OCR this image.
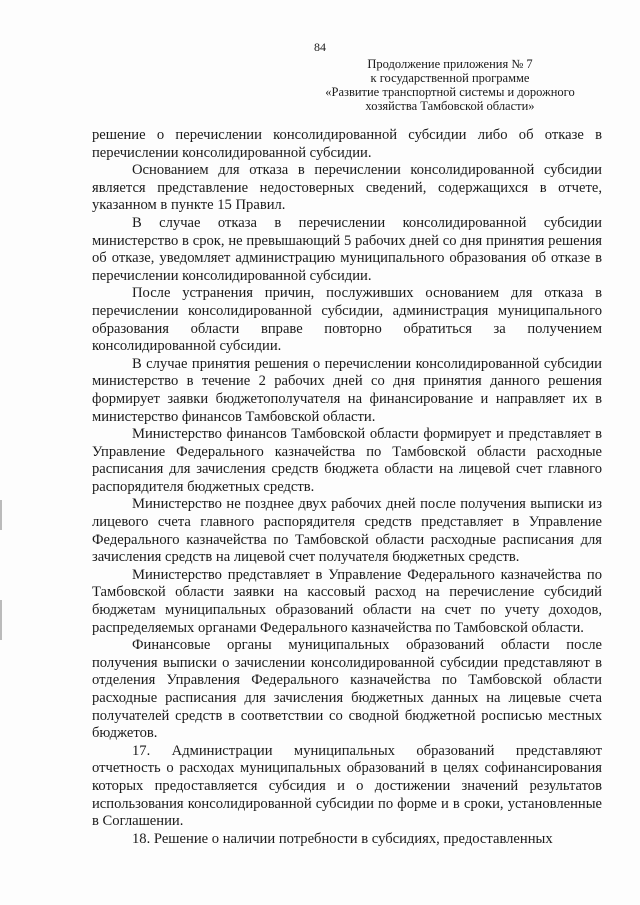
84
Продолжение приложения № 7
к государственной программе
«Развитие транспортной системы и дорожного
хозяйства Тамбовской области»

решение о перечислении консолидированной субсидии либо об отказе в перечислении консолидированной субсидии.

Основанием для отказа в перечислении консолидированной субсидии является представление недостоверных сведений, содержащихся в отчете, указанном в пункте 15 Правил.

В случае отказа в перечислении консолидированной субсидии министерство в срок, не превышающий 5 рабочих дней со дня принятия решения об отказе, уведомляет администрацию муниципального образования об отказе в перечислении консолидированной субсидии.

После устранения причин, послуживших основанием для отказа в перечислении консолидированной субсидии, администрация муниципального образования области вправе повторно обратиться за получением консолидированной субсидии.

В случае принятия решения о перечислении консолидированной субсидии министерство в течение 2 рабочих дней со дня принятия данного решения формирует заявки бюджетополучателя на финансирование и направляет их в министерство финансов Тамбовской области.

Министерство финансов Тамбовской области формирует и представляет в Управление Федерального казначейства по Тамбовской области расходные расписания для зачисления средств бюджета области на лицевой счет главного распорядителя бюджетных средств.

Министерство не позднее двух рабочих дней после получения выписки из лицевого счета главного распорядителя средств представляет в Управление Федерального казначейства по Тамбовской области расходные расписания для зачисления средств на лицевой счет получателя бюджетных средств.

Министерство представляет в Управление Федерального казначейства по Тамбовской области заявки на кассовый расход на перечисление субсидий бюджетам муниципальных образований области на счет по учету доходов, распределяемых органами Федерального казначейства по Тамбовской области.

Финансовые органы муниципальных образований области после получения выписки о зачислении консолидированной субсидии представляют в отделения Управления Федерального казначейства по Тамбовской области расходные расписания для зачисления бюджетных данных на лицевые счета получателей средств в соответствии со сводной бюджетной росписью местных бюджетов.

17. Администрации муниципальных образований представляют отчетность о расходах муниципальных образований в целях софинансирования которых предоставляется субсидия и о достижении значений результатов использования консолидированной субсидии по форме и в сроки, установленные в Соглашении.

18. Решение о наличии потребности в субсидиях, предоставленных
